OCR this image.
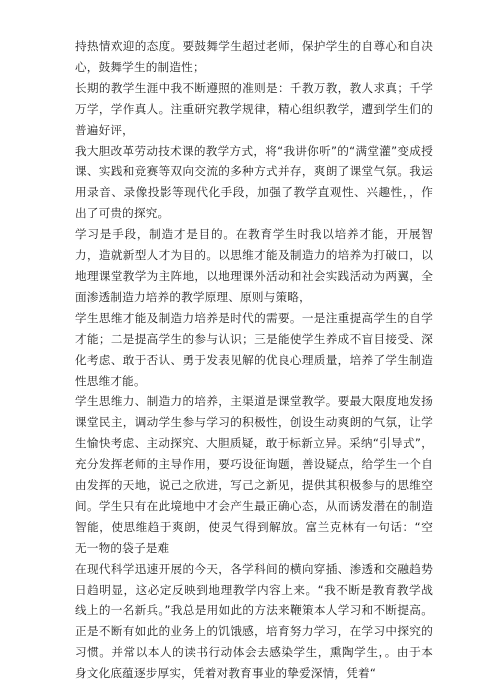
持热情欢迎的态度。要鼓舞学生超过老师，保护学生的自尊心和自决心，鼓舞学生的制造性；

长期的教学生涯中我不断遵照的准则是：千教万教，教人求真；千学万学，学作真人。注重研究教学规律，精心组织教学，遭到学生们的普遍好评，

我大胆改革劳动技术课的教学方式，将“我讲你听”的“满堂灌”变成授课、实践和竞赛等双向交流的多种方式并存，爽朗了课堂气氛。我运用录音、录像投影等现代化手段，加强了教学直观性、兴趣性，，作出了可贵的探究。

学习是手段，制造才是目的。在教育学生时我以培养才能，开展智力，造就新型人才为目的。以思维才能及制造力的培养为打破口，以地理课堂教学为主阵地，以地理课外活动和社会实践活动为两翼，全面渗透制造力培养的教学原理、原则与策略，

学生思维才能及制造力培养是时代的需要。一是注重提高学生的自学才能；二是提高学生的参与认识；三是能使学生养成不盲目接受、深化考虑、敢于否认、勇于发表见解的优良心理质量，培养了学生制造性思维才能。

学生思维力、制造力的培养，主渠道是课堂教学。要最大限度地发扬课堂民主，调动学生参与学习的积极性，创设生动爽朗的气氛，让学生愉快考虑、主动探究、大胆质疑，敢于标新立异。采纳“引导式”，充分发挥老师的主导作用，要巧设征询题，善设疑点，给学生一个自由发挥的天地，说己之欣进，写己之新见，提供其积极参与的思维空间。学生只有在此境地中才会产生最正确心态，从而诱发潜在的制造智能，使思维趋于爽朗，使灵气得到解放。富兰克林有一句话：“空无一物的袋子是难

在现代科学迅速开展的今天，各学科间的横向穿插、渗透和交融趋势日趋明显，这必定反映到地理教学内容上来。“我不断是教育教学战线上的一名新兵。”我总是用如此的方法来鞭策本人学习和不断提高。正是不断有如此的业务上的饥饿感，培育努力学习，在学习中探究的习惯。并常以本人的读书行动体会去感染学生，熏陶学生，。由于本身文化底蕴逐步厚实，凭着对教育事业的挚爱深情，凭着“
